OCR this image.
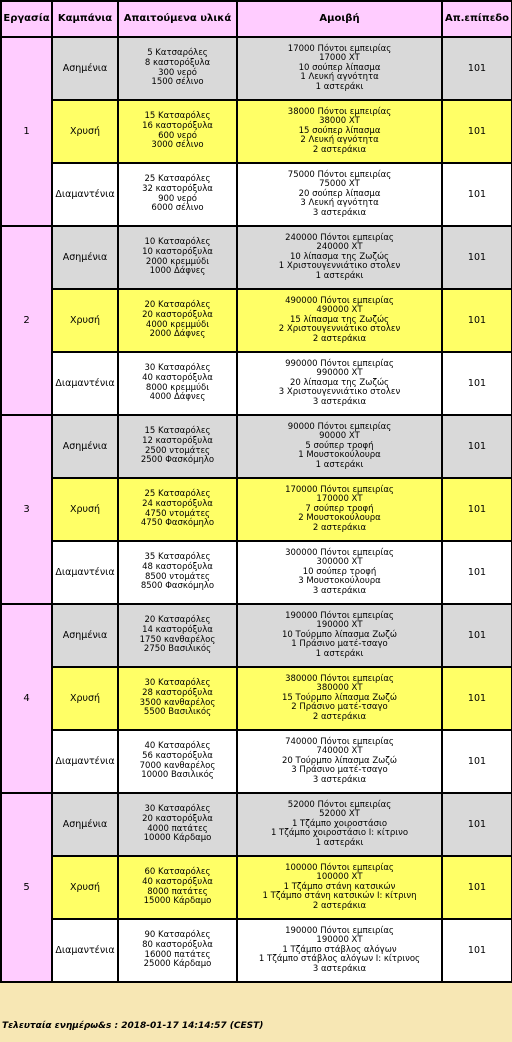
Εργασία	Καμπάνια	Απαιτούμενα υλικά	Αμοιβή	Απ.επίπεδο
1	Ασημένια	5 Κατσαρόλες
8 καστορόξυλα
300 νερό
1500 σέλινο	17000 Πόντοι εμπειρίας
17000 ΧΤ
10 σούπερ λίπασμα
1 Λευκή αγνότητα
1 αστεράκι	101
	Χρυσή	15 Κατσαρόλες
16 καστορόξυλα
600 νερό
3000 σέλινο	38000 Πόντοι εμπειρίας
38000 ΧΤ
15 σούπερ λίπασμα
2 Λευκή αγνότητα
2 αστεράκια	101
	Διαμαντένια	25 Κατσαρόλες
32 καστορόξυλα
900 νερό
6000 σέλινο	75000 Πόντοι εμπειρίας
75000 ΧΤ
20 σούπερ λίπασμα
3 Λευκή αγνότητα
3 αστεράκια	101
2	Ασημένια	10 Κατσαρόλες
10 καστορόξυλα
2000 κρεμμύδι
1000 Δάφνες	240000 Πόντοι εμπειρίας
240000 ΧΤ
10 λίπασμα της Ζωζώς
1 Χριστουγεννιάτικο στολεν
1 αστεράκι	101
	Χρυσή	20 Κατσαρόλες
20 καστορόξυλα
4000 κρεμμύδι
2000 Δάφνες	490000 Πόντοι εμπειρίας
490000 ΧΤ
15 λίπασμα της Ζωζώς
2 Χριστουγεννιάτικο στολεν
2 αστεράκια	101
	Διαμαντένια	30 Κατσαρόλες
40 καστορόξυλα
8000 κρεμμύδι
4000 Δάφνες	990000 Πόντοι εμπειρίας
990000 ΧΤ
20 λίπασμα της Ζωζώς
3 Χριστουγεννιάτικο στολεν
3 αστεράκια	101
3	Ασημένια	15 Κατσαρόλες
12 καστορόξυλα
2500 ντομάτες
2500 Φασκόμηλο	90000 Πόντοι εμπειρίας
90000 ΧΤ
5 σούπερ τροφή
1 Μουστοκούλουρα
1 αστεράκι	101
	Χρυσή	25 Κατσαρόλες
24 καστορόξυλα
4750 ντομάτες
4750 Φασκόμηλο	170000 Πόντοι εμπειρίας
170000 ΧΤ
7 σούπερ τροφή
2 Μουστοκούλουρα
2 αστεράκια	101
	Διαμαντένια	35 Κατσαρόλες
48 καστορόξυλα
8500 ντομάτες
8500 Φασκόμηλο	300000 Πόντοι εμπειρίας
300000 ΧΤ
10 σούπερ τροφή
3 Μουστοκούλουρα
3 αστεράκια	101
4	Ασημένια	20 Κατσαρόλες
14 καστορόξυλα
1750 κανθαρέλος
2750 Βασιλικός	190000 Πόντοι εμπειρίας
190000 ΧΤ
10 Τούρμπο λίπασμα Ζωζώ
1 Πράσινο ματέ-τσαγο
1 αστεράκι	101
	Χρυσή	30 Κατσαρόλες
28 καστορόξυλα
3500 κανθαρέλος
5500 Βασιλικός	380000 Πόντοι εμπειρίας
380000 ΧΤ
15 Τούρμπο λίπασμα Ζωζώ
2 Πράσινο ματέ-τσαγο
2 αστεράκια	101
	Διαμαντένια	40 Κατσαρόλες
56 καστορόξυλα
7000 κανθαρέλος
10000 Βασιλικός	740000 Πόντοι εμπειρίας
740000 ΧΤ
20 Τούρμπο λίπασμα Ζωζώ
3 Πράσινο ματέ-τσαγο
3 αστεράκια	101
5	Ασημένια	30 Κατσαρόλες
20 καστορόξυλα
4000 πατάτες
10000 Κάρδαμο	52000 Πόντοι εμπειρίας
52000 ΧΤ
1 Τζάμπο χοιροστάσιο
1 Τζάμπο χοιροστάσιο Ι: κίτρινο
1 αστεράκι	101
	Χρυσή	60 Κατσαρόλες
40 καστορόξυλα
8000 πατάτες
15000 Κάρδαμο	100000 Πόντοι εμπειρίας
100000 ΧΤ
1 Τζάμπο στάνη κατσικών
1 Τζάμπο στάνη κατσικών Ι: κίτρινη
2 αστεράκια	101
	Διαμαντένια	90 Κατσαρόλες
80 καστορόξυλα
16000 πατάτες
25000 Κάρδαμο	190000 Πόντοι εμπειρίας
190000 ΧΤ
1 Τζάμπο στάβλος αλόγων
1 Τζάμπο στάβλος αλόγων Ι: κίτρινος
3 αστεράκια	101
Τελευταία ενημέρω&s : 2018-01-17 14:14:57 (CEST)
